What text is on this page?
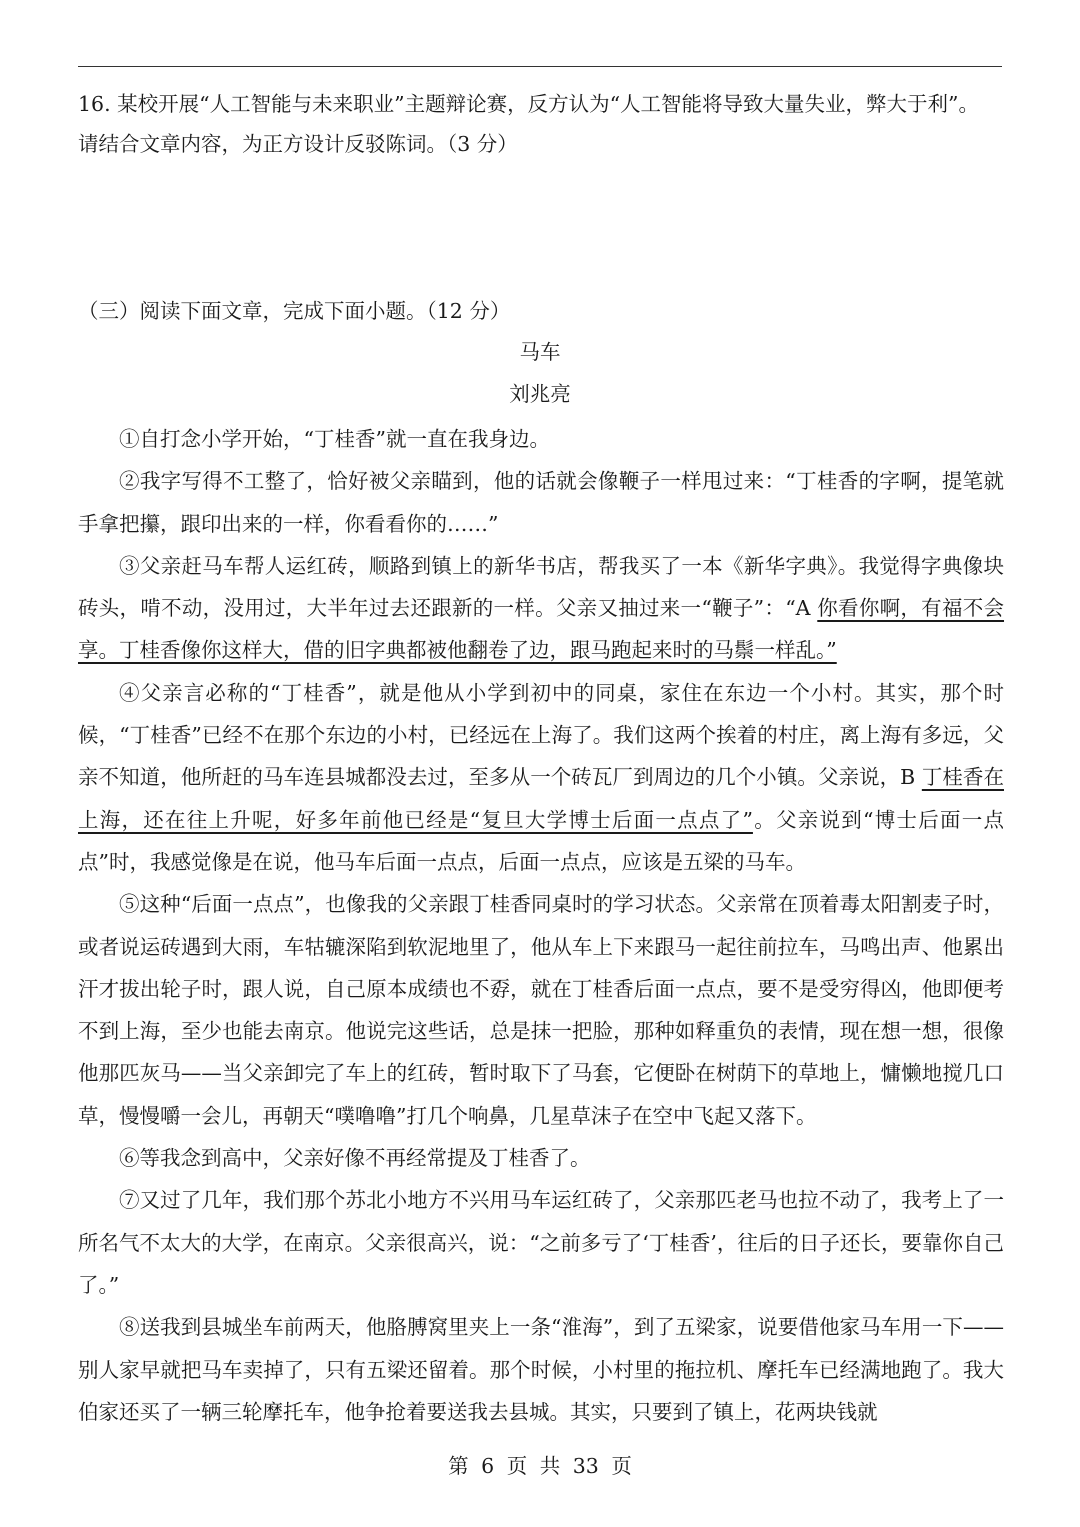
16. 某校开展“人工智能与未来职业”主题辩论赛，反方认为“人工智能将导致大量失业，弊大于利”。

请结合文章内容，为正方设计反驳陈词。（3 分）

（三）阅读下面文章，完成下面小题。（12 分）

马车

刘兆亮

①自打念小学开始，“丁桂香”就一直在我身边。

②我字写得不工整了，恰好被父亲瞄到，他的话就会像鞭子一样甩过来：“丁桂香的字啊，提笔就手拿把攥，跟印出来的一样，你看看你的……”

③父亲赶马车帮人运红砖，顺路到镇上的新华书店，帮我买了一本《新华字典》。我觉得字典像块砖头，啃不动，没用过，大半年过去还跟新的一样。父亲又抽过来一“鞭子”：“A 你看你啊，有福不会享。丁桂香像你这样大，借的旧字典都被他翻卷了边，跟马跑起来时的马鬃一样乱。”

④父亲言必称的“丁桂香”，就是他从小学到初中的同桌，家住在东边一个小村。其实，那个时候，“丁桂香”已经不在那个东边的小村，已经远在上海了。我们这两个挨着的村庄，离上海有多远，父亲不知道，他所赶的马车连县城都没去过，至多从一个砖瓦厂到周边的几个小镇。父亲说，B 丁桂香在上海，还在往上升呢，好多年前他已经是“复旦大学博士后面一点点了”。父亲说到“博士后面一点点”时，我感觉像是在说，他马车后面一点点，后面一点点，应该是五梁的马车。

⑤这种“后面一点点”，也像我的父亲跟丁桂香同桌时的学习状态。父亲常在顶着毒太阳割麦子时，或者说运砖遇到大雨，车牯辘深陷到软泥地里了，他从车上下来跟马一起往前拉车，马鸣出声、他累出汗才拔出轮子时，跟人说，自己原本成绩也不孬，就在丁桂香后面一点点，要不是受穷得凶，他即便考不到上海，至少也能去南京。他说完这些话，总是抹一把脸，那种如释重负的表情，现在想一想，很像他那匹灰马——当父亲卸完了车上的红砖，暂时取下了马套，它便卧在树荫下的草地上，慵懒地搅几口草，慢慢嚼一会儿，再朝天“噗噜噜”打几个响鼻，几星草沫子在空中飞起又落下。

⑥等我念到高中，父亲好像不再经常提及丁桂香了。

⑦又过了几年，我们那个苏北小地方不兴用马车运红砖了，父亲那匹老马也拉不动了，我考上了一所名气不太大的大学，在南京。父亲很高兴，说：“之前多亏了‘丁桂香’，往后的日子还长，要靠你自己了。”

⑧送我到县城坐车前两天，他胳膊窝里夹上一条“淮海”，到了五梁家，说要借他家马车用一下——别人家早就把马车卖掉了，只有五梁还留着。那个时候，小村里的拖拉机、摩托车已经满地跑了。我大伯家还买了一辆三轮摩托车，他争抢着要送我去县城。其实，只要到了镇上，花两块钱就

第 6 页 共 33 页
